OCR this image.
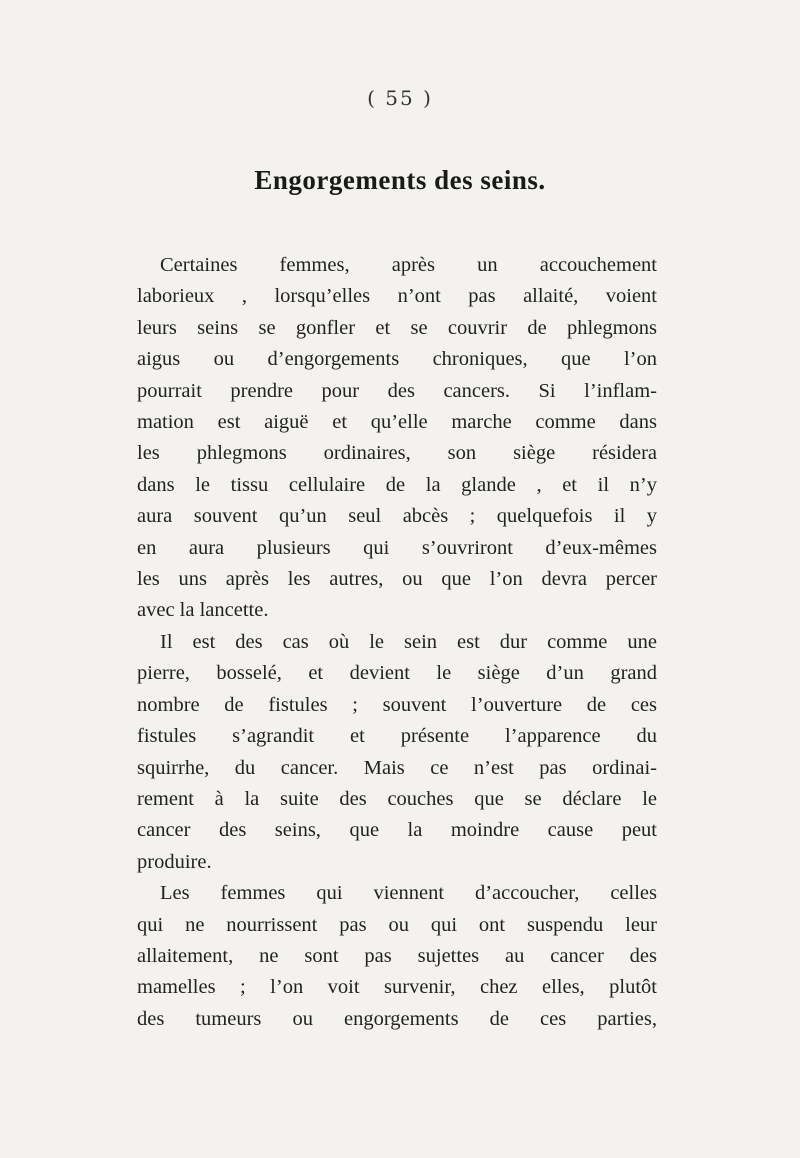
( 55 )
Engorgements des seins.
Certaines femmes, après un accouchement
laborieux , lorsqu’elles n’ont pas allaité, voient
leurs seins se gonfler et se couvrir de phlegmons
aigus ou d’engorgements chroniques, que l’on
pourrait prendre pour des cancers. Si l’inflam-
mation est aiguë et qu’elle marche comme dans
les phlegmons ordinaires, son siège résidera
dans le tissu cellulaire de la glande , et il n’y
aura souvent qu’un seul abcès ; quelquefois il y
en aura plusieurs qui s’ouvriront d’eux-mêmes
les uns après les autres, ou que l’on devra percer
avec la lancette.
Il est des cas où le sein est dur comme une
pierre, bosselé, et devient le siège d’un grand
nombre de fistules ; souvent l’ouverture de ces
fistules s’agrandit et présente l’apparence du
squirrhe, du cancer. Mais ce n’est pas ordinai-
rement à la suite des couches que se déclare le
cancer des seins, que la moindre cause peut
produire.
Les femmes qui viennent d’accoucher, celles
qui ne nourrissent pas ou qui ont suspendu leur
allaitement, ne sont pas sujettes au cancer des
mamelles ; l’on voit survenir, chez elles, plutôt
des tumeurs ou engorgements de ces parties,
